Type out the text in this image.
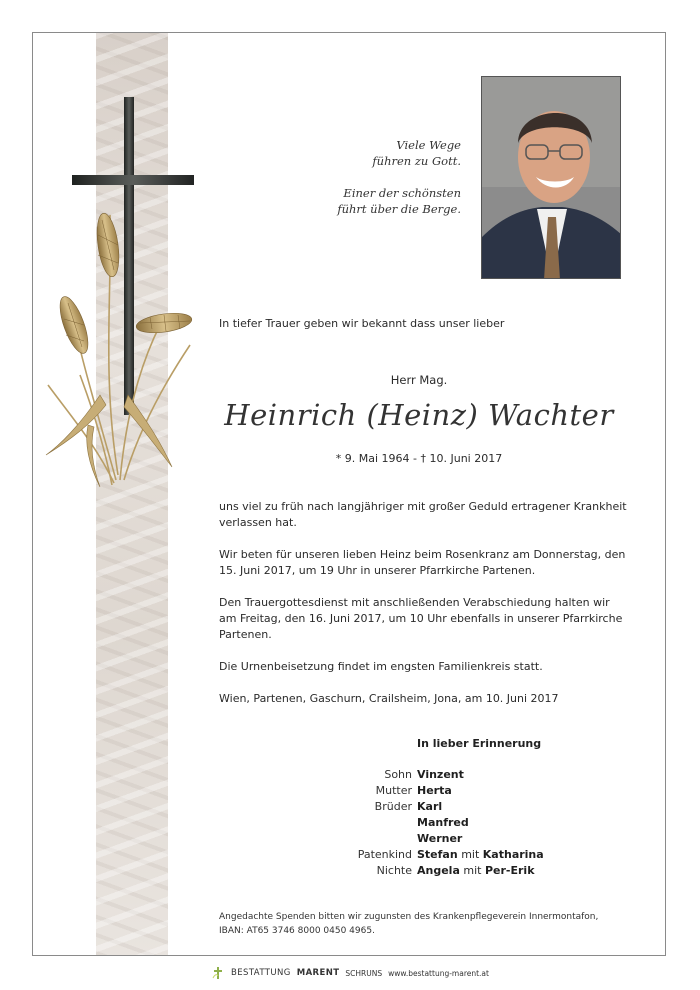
Viele Wege
führen zu Gott.

Einer der schönsten
führt über die Berge.

In tiefer Trauer geben wir bekannt dass unser lieber
Herr Mag.
Heinrich (Heinz) Wachter
* 9. Mai 1964 - † 10. Juni 2017

uns viel zu früh nach langjähriger mit großer Geduld ertragener Krankheit verlassen hat.

Wir beten für unseren lieben Heinz beim Rosenkranz am Donnerstag, den 15. Juni 2017, um 19 Uhr in unserer Pfarrkirche Partenen.

Den Trauergottesdienst mit anschließenden Verabschiedung halten wir am Freitag, den 16. Juni 2017, um 10 Uhr ebenfalls in unserer Pfarrkirche Partenen.

Die Urnenbeisetzung findet im engsten Familienkreis statt.

Wien, Partenen, Gaschurn, Crailsheim, Jona, am 10. Juni 2017

In lieber Erinnerung
Sohn	Vinzent
Mutter	Herta
Brüder	Karl
	Manfred
	Werner
Patenkind	Stefan mit Katharina
Nichte	Angela mit Per-Erik
Angedachte Spenden bitten wir zugunsten des Krankenpflegeverein Innermontafon,
IBAN: AT65 3746 8000 0450 4965.
BESTATTUNG MARENT SCHRUNS www.bestattung-marent.at
